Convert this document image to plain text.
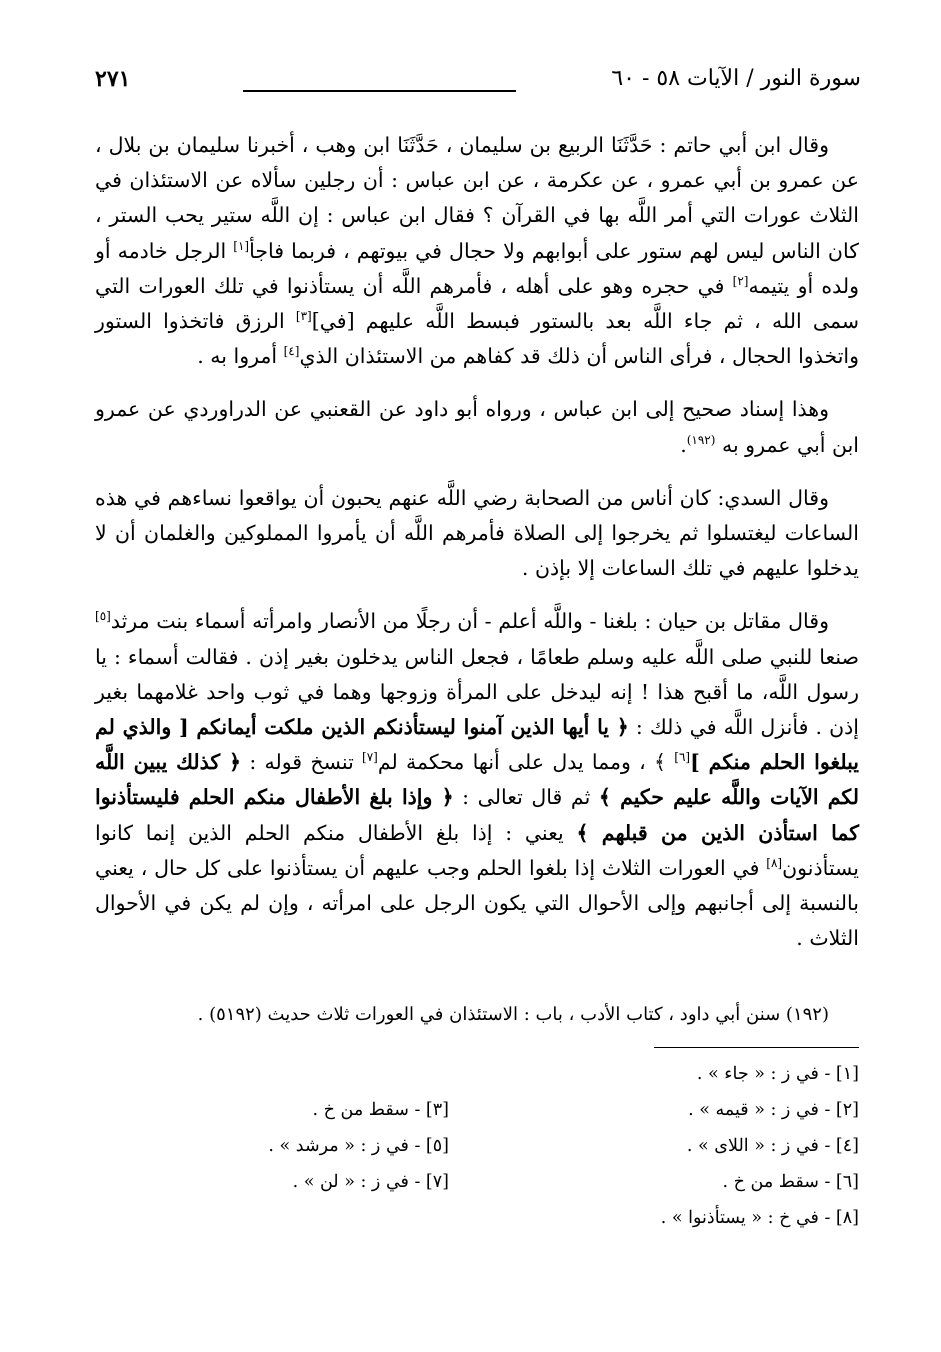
سورة النور / الآيات ٥٨ - ٦٠
٢٧١

وقال ابن أبي حاتم : حَدَّثَنَا الربيع بن سليمان ، حَدَّثَنَا ابن وهب ، أخبرنا سليمان بن بلال ، عن عمرو بن أبي عمرو ، عن عكرمة ، عن ابن عباس : أن رجلين سألاه عن الاستئذان في الثلاث عورات التي أمر اللَّه بها في القرآن ؟ فقال ابن عباس : إن اللَّه ستير يحب الستر ، كان الناس ليس لهم ستور على أبوابهم ولا حجال في بيوتهم ، فربما فاجأ[١] الرجل خادمه أو ولده أو يتيمه[٢] في حجره وهو على أهله ، فأمرهم اللَّه أن يستأذنوا في تلك العورات التي سمى الله ، ثم جاء اللَّه بعد بالستور فبسط اللَّه عليهم [في][٣] الرزق فاتخذوا الستور واتخذوا الحجال ، فرأى الناس أن ذلك قد كفاهم من الاستئذان الذي[٤] أمروا به .

وهذا إسناد صحيح إلى ابن عباس ، ورواه أبو داود عن القعنبي عن الدراوردي عن عمرو ابن أبي عمرو به $^{(١٩٢)}$.

وقال السدي: كان أناس من الصحابة رضي اللَّه عنهم يحبون أن يواقعوا نساءهم في هذه الساعات ليغتسلوا ثم يخرجوا إلى الصلاة فأمرهم اللَّه أن يأمروا المملوكين والغلمان أن لا يدخلوا عليهم في تلك الساعات إلا بإذن .

وقال مقاتل بن حيان : بلغنا - واللَّه أعلم - أن رجلًا من الأنصار وامرأته أسماء بنت مرثد[٥] صنعا للنبي صلى اللَّه عليه وسلم طعامًا ، فجعل الناس يدخلون بغير إذن . فقالت أسماء : يا رسول اللَّه، ما أقبح هذا ! إنه ليدخل على المرأة وزوجها وهما في ثوب واحد غلامهما بغير إذن . فأنزل اللَّه في ذلك : ﴿ يا أيها الذين آمنوا ليستأذنكم الذين ملكت أيمانكم [ والذي لم يبلغوا الحلم منكم ][٦] ﴾ ، ومما يدل على أنها محكمة لم[٧] تنسخ قوله : ﴿ كذلك يبين اللَّه لكم الآيات واللَّه عليم حكيم ﴾ ثم قال تعالى : ﴿ وإذا بلغ الأطفال منكم الحلم فليستأذنوا كما استأذن الذين من قبلهم ﴾ يعني : إذا بلغ الأطفال منكم الحلم الذين إنما كانوا يستأذنون[٨] في العورات الثلاث إذا بلغوا الحلم وجب عليهم أن يستأذنوا على كل حال ، يعني بالنسبة إلى أجانبهم وإلى الأحوال التي يكون الرجل على امرأته ، وإن لم يكن في الأحوال الثلاث .

(١٩٢) سنن أبي داود ، كتاب الأدب ، باب : الاستئذان في العورات ثلاث حديث (٥١٩٢) .
[١] - في ز : « جاء » .
[٢] - في ز : « قيمه » .
[٣] - سقط من خ .
[٤] - في ز : « اللاى » .
[٥] - في ز : « مرشد » .
[٦] - سقط من خ .
[٧] - في ز : « لن » .
[٨] - في خ : « يستأذنوا » .
